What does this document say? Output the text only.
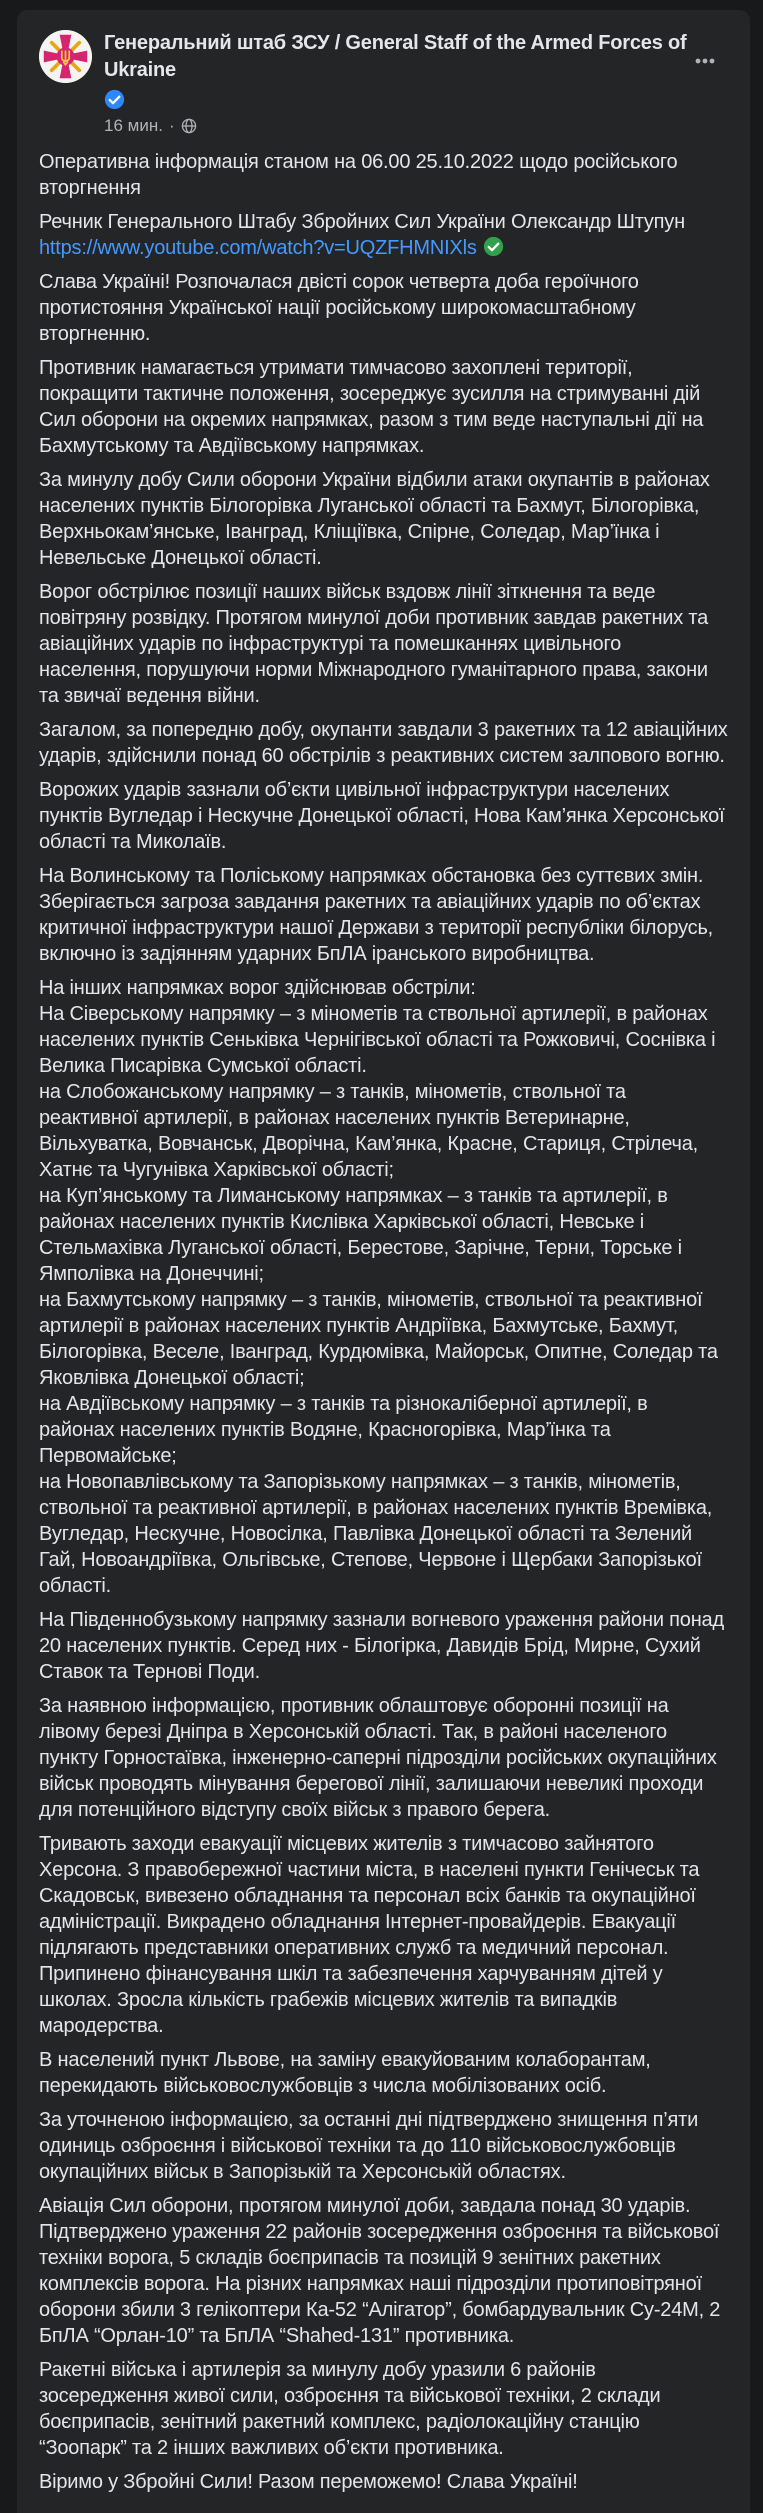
Генеральний штаб ЗСУ / General Staff of the Armed Forces of Ukraine
16 мин. ·

Оперативна інформація станом на 06.00 25.10.2022 щодо російського вторгнення

Речник Генерального Штабу Збройних Сил України Олександр Штупун
https://www.youtube.com/watch?v=UQZFHMNIXls

Слава Україні! Розпочалася двісті сорок четверта доба героїчного протистояння Української нації російському широкомасштабному вторгненню.

Противник намагається утримати тимчасово захоплені території, покращити тактичне положення, зосереджує зусилля на стримуванні дій Сил оборони на окремих напрямках, разом з тим веде наступальні дії на Бахмутському та Авдіївському напрямках.

За минулу добу Сили оборони України відбили атаки окупантів в районах населених пунктів Білогорівка Луганської області та Бахмут, Білогорівка, Верхньокам’янське, Іванград, Кліщіївка, Спірне, Соледар, Мар’їнка і Невельське Донецької області.

Ворог обстрілює позиції наших військ вздовж лінії зіткнення та веде повітряну розвідку. Протягом минулої доби противник завдав ракетних та авіаційних ударів по інфраструктурі та помешканнях цивільного населення, порушуючи норми Міжнародного гуманітарного права, закони та звичаї ведення війни.

Загалом, за попередню добу, окупанти завдали 3 ракетних та 12 авіаційних ударів, здійснили понад 60 обстрілів з реактивних систем залпового вогню.

Ворожих ударів зазнали об’єкти цивільної інфраструктури населених пунктів Вугледар і Нескучне Донецької області, Нова Кам’янка Херсонської області та Миколаїв.

На Волинському та Поліському напрямках обстановка без суттєвих змін. Зберігається загроза завдання ракетних та авіаційних ударів по об’єктах критичної інфраструктури нашої Держави з території республіки білорусь, включно із задіянням ударних БпЛА іранського виробництва.

На інших напрямках ворог здійснював обстріли:
На Сіверському напрямку – з мінометів та ствольної артилерії, в районах населених пунктів Сеньківка Чернігівської області та Рожковичі, Соснівка і Велика Писарівка Сумської області.
на Слобожанському напрямку – з танків, мінометів, ствольної та реактивної артилерії, в районах населених пунктів Ветеринарне, Вільхуватка, Вовчанськ, Дворічна, Кам’янка, Красне, Стариця, Стрілеча, Хатнє та Чугунівка Харківської області;
на Куп’янському та Лиманському напрямках – з танків та артилерії, в районах населених пунктів Кислівка Харківської області, Невське і Стельмахівка Луганської області, Берестове, Зарічне, Терни, Торське і Ямполівка на Донеччині;
на Бахмутському напрямку – з танків, мінометів, ствольної та реактивної артилерії в районах населених пунктів Андріївка, Бахмутське, Бахмут, Білогорівка, Веселе, Іванград, Курдюмівка, Майорськ, Опитне, Соледар та Яковлівка Донецької області;
на Авдіївському напрямку – з танків та різнокаліберної артилерії, в районах населених пунктів Водяне, Красногорівка, Мар’їнка та Первомайське;
на Новопавлівському та Запорізькому напрямках – з танків, мінометів, ствольної та реактивної артилерії, в районах населених пунктів Времівка, Вугледар, Нескучне, Новосілка, Павлівка Донецької області та Зелений Гай, Новоандріївка, Ольгівське, Степове, Червоне і Щербаки Запорізької області.

На Південнобузькому напрямку зазнали вогневого ураження райони понад 20 населених пунктів. Серед них - Білогірка, Давидів Брід, Мирне, Сухий Ставок та Тернові Поди.

За наявною інформацією, противник облаштовує оборонні позиції на лівому березі Дніпра в Херсонській області. Так, в районі населеного пункту Горностаївка, інженерно-саперні підрозділи російських окупаційних військ проводять мінування берегової лінії, залишаючи невеликі проходи для потенційного відступу своїх військ з правого берега.

Тривають заходи евакуації місцевих жителів з тимчасово зайнятого Херсона. З правобережної частини міста, в населені пункти Генічеськ та Скадовськ, вивезено обладнання та персонал всіх банків та окупаційної адміністрації. Викрадено обладнання Інтернет-провайдерів. Евакуації підлягають представники оперативних служб та медичний персонал. Припинено фінансування шкіл та забезпечення харчуванням дітей у школах. Зросла кількість грабежів місцевих жителів та випадків мародерства.

В населений пункт Львове, на заміну евакуйованим колаборантам, перекидають військовослужбовців з числа мобілізованих осіб.

За уточненою інформацією, за останні дні підтверджено знищення п’яти одиниць озброєння і військової техніки та до 110 військовослужбовців окупаційних військ в Запорізькій та Херсонській областях.

Авіація Сил оборони, протягом минулої доби, завдала понад 30 ударів. Підтверджено ураження 22 районів зосередження озброєння та військової техніки ворога, 5 складів боєприпасів та позицій 9 зенітних ракетних комплексів ворога. На різних напрямках наші підрозділи протиповітряної оборони збили 3 гелікоптери Ка-52 “Алігатор”, бомбардувальник Су-24М, 2 БпЛА “Орлан-10” та БпЛА “Shahed-131” противника.

Ракетні війська і артилерія за минулу добу уразили 6 районів зосередження живої сили, озброєння та військової техніки, 2 склади боєприпасів, зенітний ракетний комплекс, радіолокаційну станцію “Зоопарк” та 2 інших важливих об’єкти противника.

Віримо у Збройні Сили! Разом переможемо! Слава Україні!
